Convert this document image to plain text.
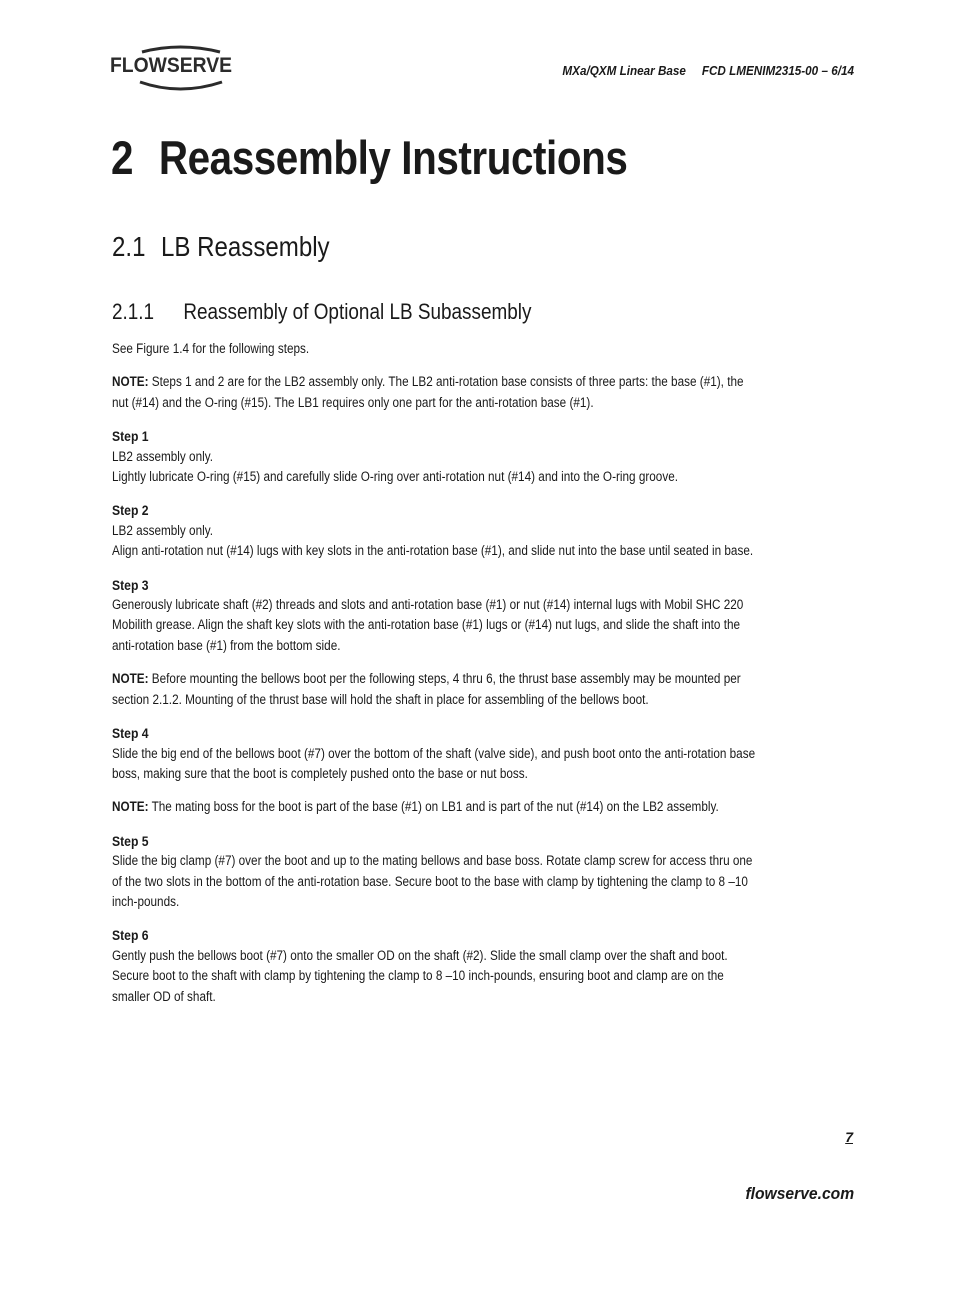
FLOWSERVE	MXa/QXM Linear Base FCD LMENIM2315-00 – 6/14
2 Reassembly Instructions
2.1 LB Reassembly
2.1.1 Reassembly of Optional LB Subassembly

See Figure 1.4 for the following steps.

NOTE: Steps 1 and 2 are for the LB2 assembly only. The LB2 anti-rotation base consists of three parts: the base (#1), the nut (#14) and the O-ring (#15). The LB1 requires only one part for the anti-rotation base (#1).

Step 1
LB2 assembly only.
Lightly lubricate O-ring (#15) and carefully slide O-ring over anti-rotation nut (#14) and into the O-ring groove.
Step 2
LB2 assembly only.
Align anti-rotation nut (#14) lugs with key slots in the anti-rotation base (#1), and slide nut into the base until seated in base.
Step 3
Generously lubricate shaft (#2) threads and slots and anti-rotation base (#1) or nut (#14) internal lugs with Mobil SHC 220 Mobilith grease. Align the shaft key slots with the anti-rotation base (#1) lugs or (#14) nut lugs, and slide the shaft into the anti-rotation base (#1) from the bottom side.

NOTE: Before mounting the bellows boot per the following steps, 4 thru 6, the thrust base assembly may be mounted per section 2.1.2. Mounting of the thrust base will hold the shaft in place for assembling of the bellows boot.

Step 4
Slide the big end of the bellows boot (#7) over the bottom of the shaft (valve side), and push boot onto the anti-rotation base boss, making sure that the boot is completely pushed onto the base or nut boss.

NOTE: The mating boss for the boot is part of the base (#1) on LB1 and is part of the nut (#14) on the LB2 assembly.

Step 5
Slide the big clamp (#7) over the boot and up to the mating bellows and base boss. Rotate clamp screw for access thru one of the two slots in the bottom of the anti-rotation base. Secure boot to the base with clamp by tightening the clamp to 8 –10 inch-pounds.
Step 6
Gently push the bellows boot (#7) onto the smaller OD on the shaft (#2). Slide the small clamp over the shaft and boot. Secure boot to the shaft with clamp by tightening the clamp to 8 –10 inch-pounds, ensuring boot and clamp are on the smaller OD of shaft.
7
flowserve.com
